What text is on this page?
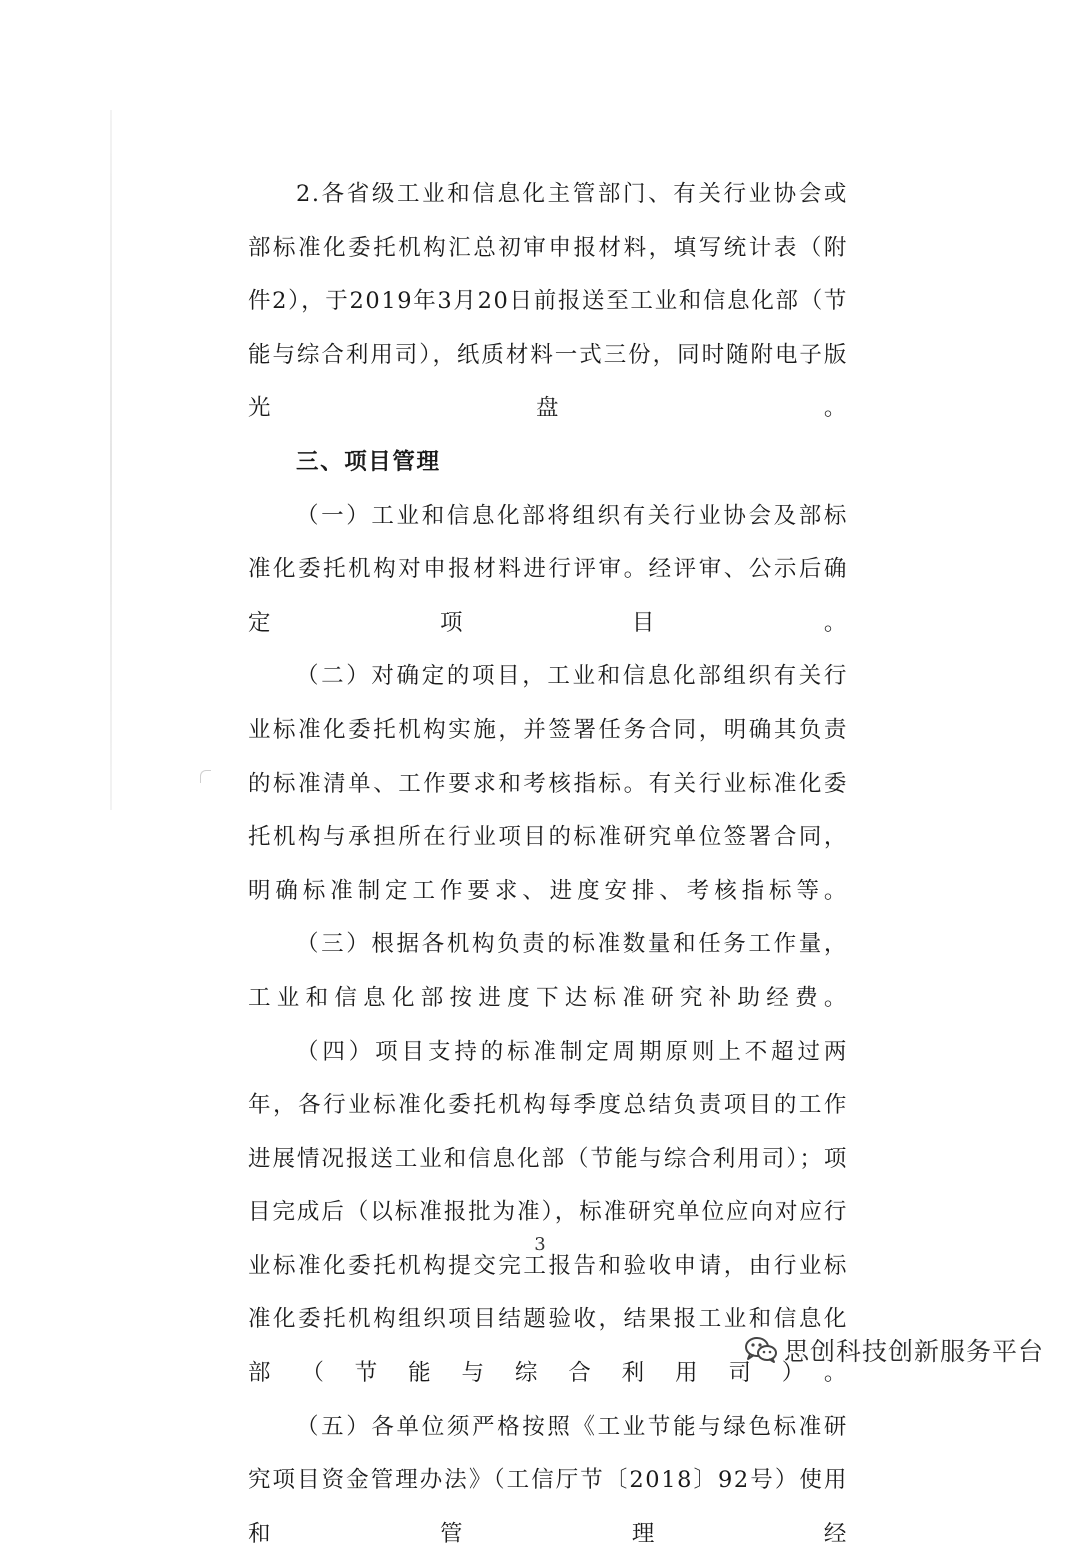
2.各省级工业和信息化主管部门、有关行业协会或部标准化委托机构汇总初审申报材料，填写统计表（附件2），于2019年3月20日前报送至工业和信息化部（节能与综合利用司），纸质材料一式三份，同时随附电子版光盘。

三、项目管理

（一）工业和信息化部将组织有关行业协会及部标准化委托机构对申报材料进行评审。经评审、公示后确定项目。

（二）对确定的项目，工业和信息化部组织有关行业标准化委托机构实施，并签署任务合同，明确其负责的标准清单、工作要求和考核指标。有关行业标准化委托机构与承担所在行业项目的标准研究单位签署合同，明确标准制定工作要求、进度安排、考核指标等。

（三）根据各机构负责的标准数量和任务工作量，工业和信息化部按进度下达标准研究补助经费。

（四）项目支持的标准制定周期原则上不超过两年，各行业标准化委托机构每季度总结负责项目的工作进展情况报送工业和信息化部（节能与综合利用司）；项目完成后（以标准报批为准），标准研究单位应向对应行业标准化委托机构提交完工报告和验收申请，由行业标准化委托机构组织项目结题验收，结果报工业和信息化部（节能与综合利用司）。

（五）各单位须严格按照《工业节能与绿色标准研究项目资金管理办法》（工信厅节〔2018〕92号）使用和管理经

3
思创科技创新服务平台
